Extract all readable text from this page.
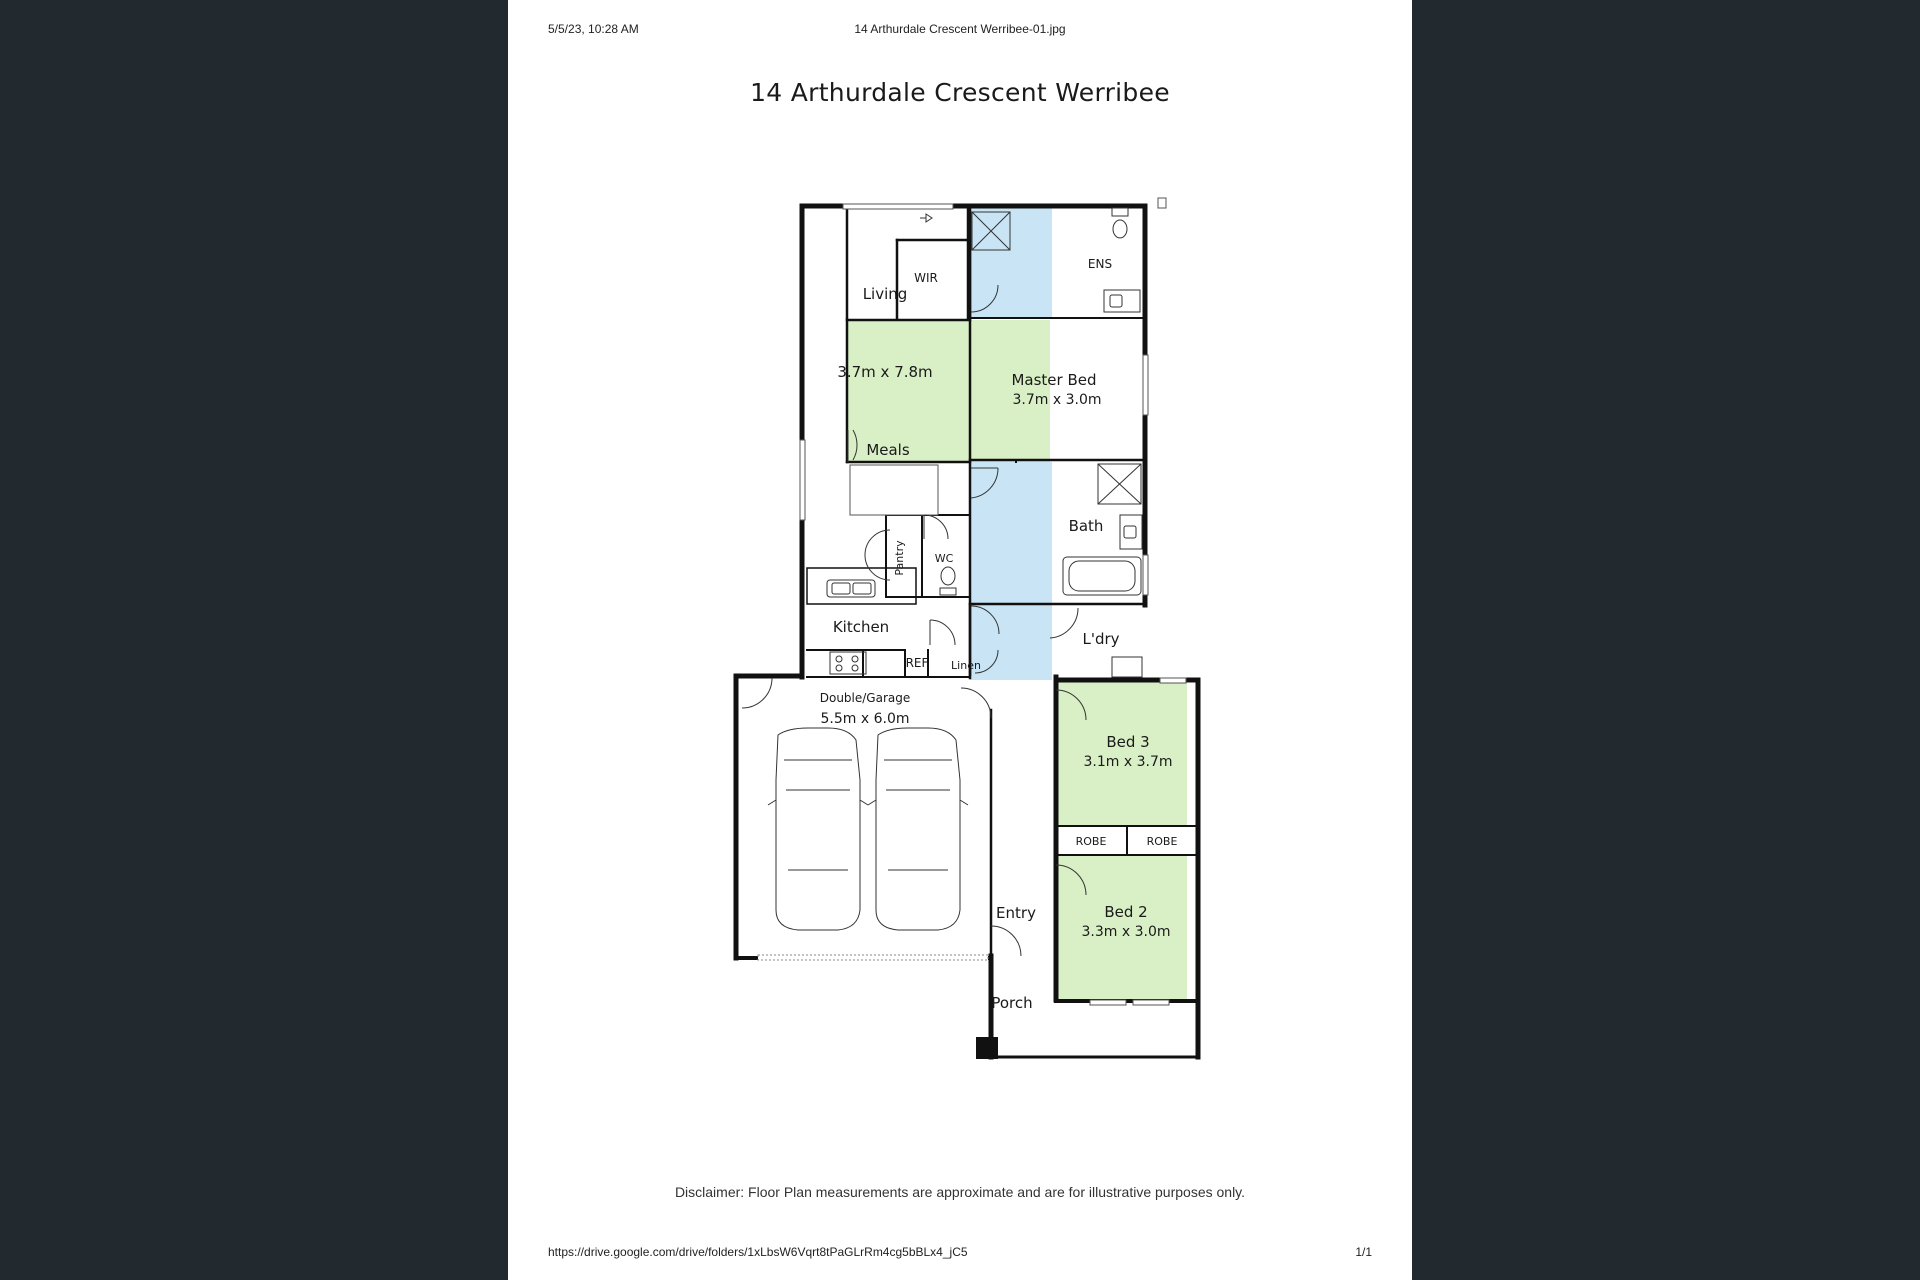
5/5/23, 10:28 AM	14 Arthurdale Crescent Werribee-01.jpg
14 Arthurdale Crescent Werribee
Living
3.7m x 7.8m
Meals
Kitchen
REF Linen
Pantry	WC
WIR
ENS
Master Bed
3.7m x 3.0m
Bath
L'dry
Double/Garage
5.5m x 6.0m
Bed 3
3.1m x 3.7m
ROBE	ROBE
Bed 2
3.3m x 3.0m
Entry
Porch
Disclaimer: Floor Plan measurements are approximate and are for illustrative purposes only.
https://drive.google.com/drive/folders/1xLbsW6Vqrt8tPaGLrRm4cg5bBLx4_jC5	1/1
